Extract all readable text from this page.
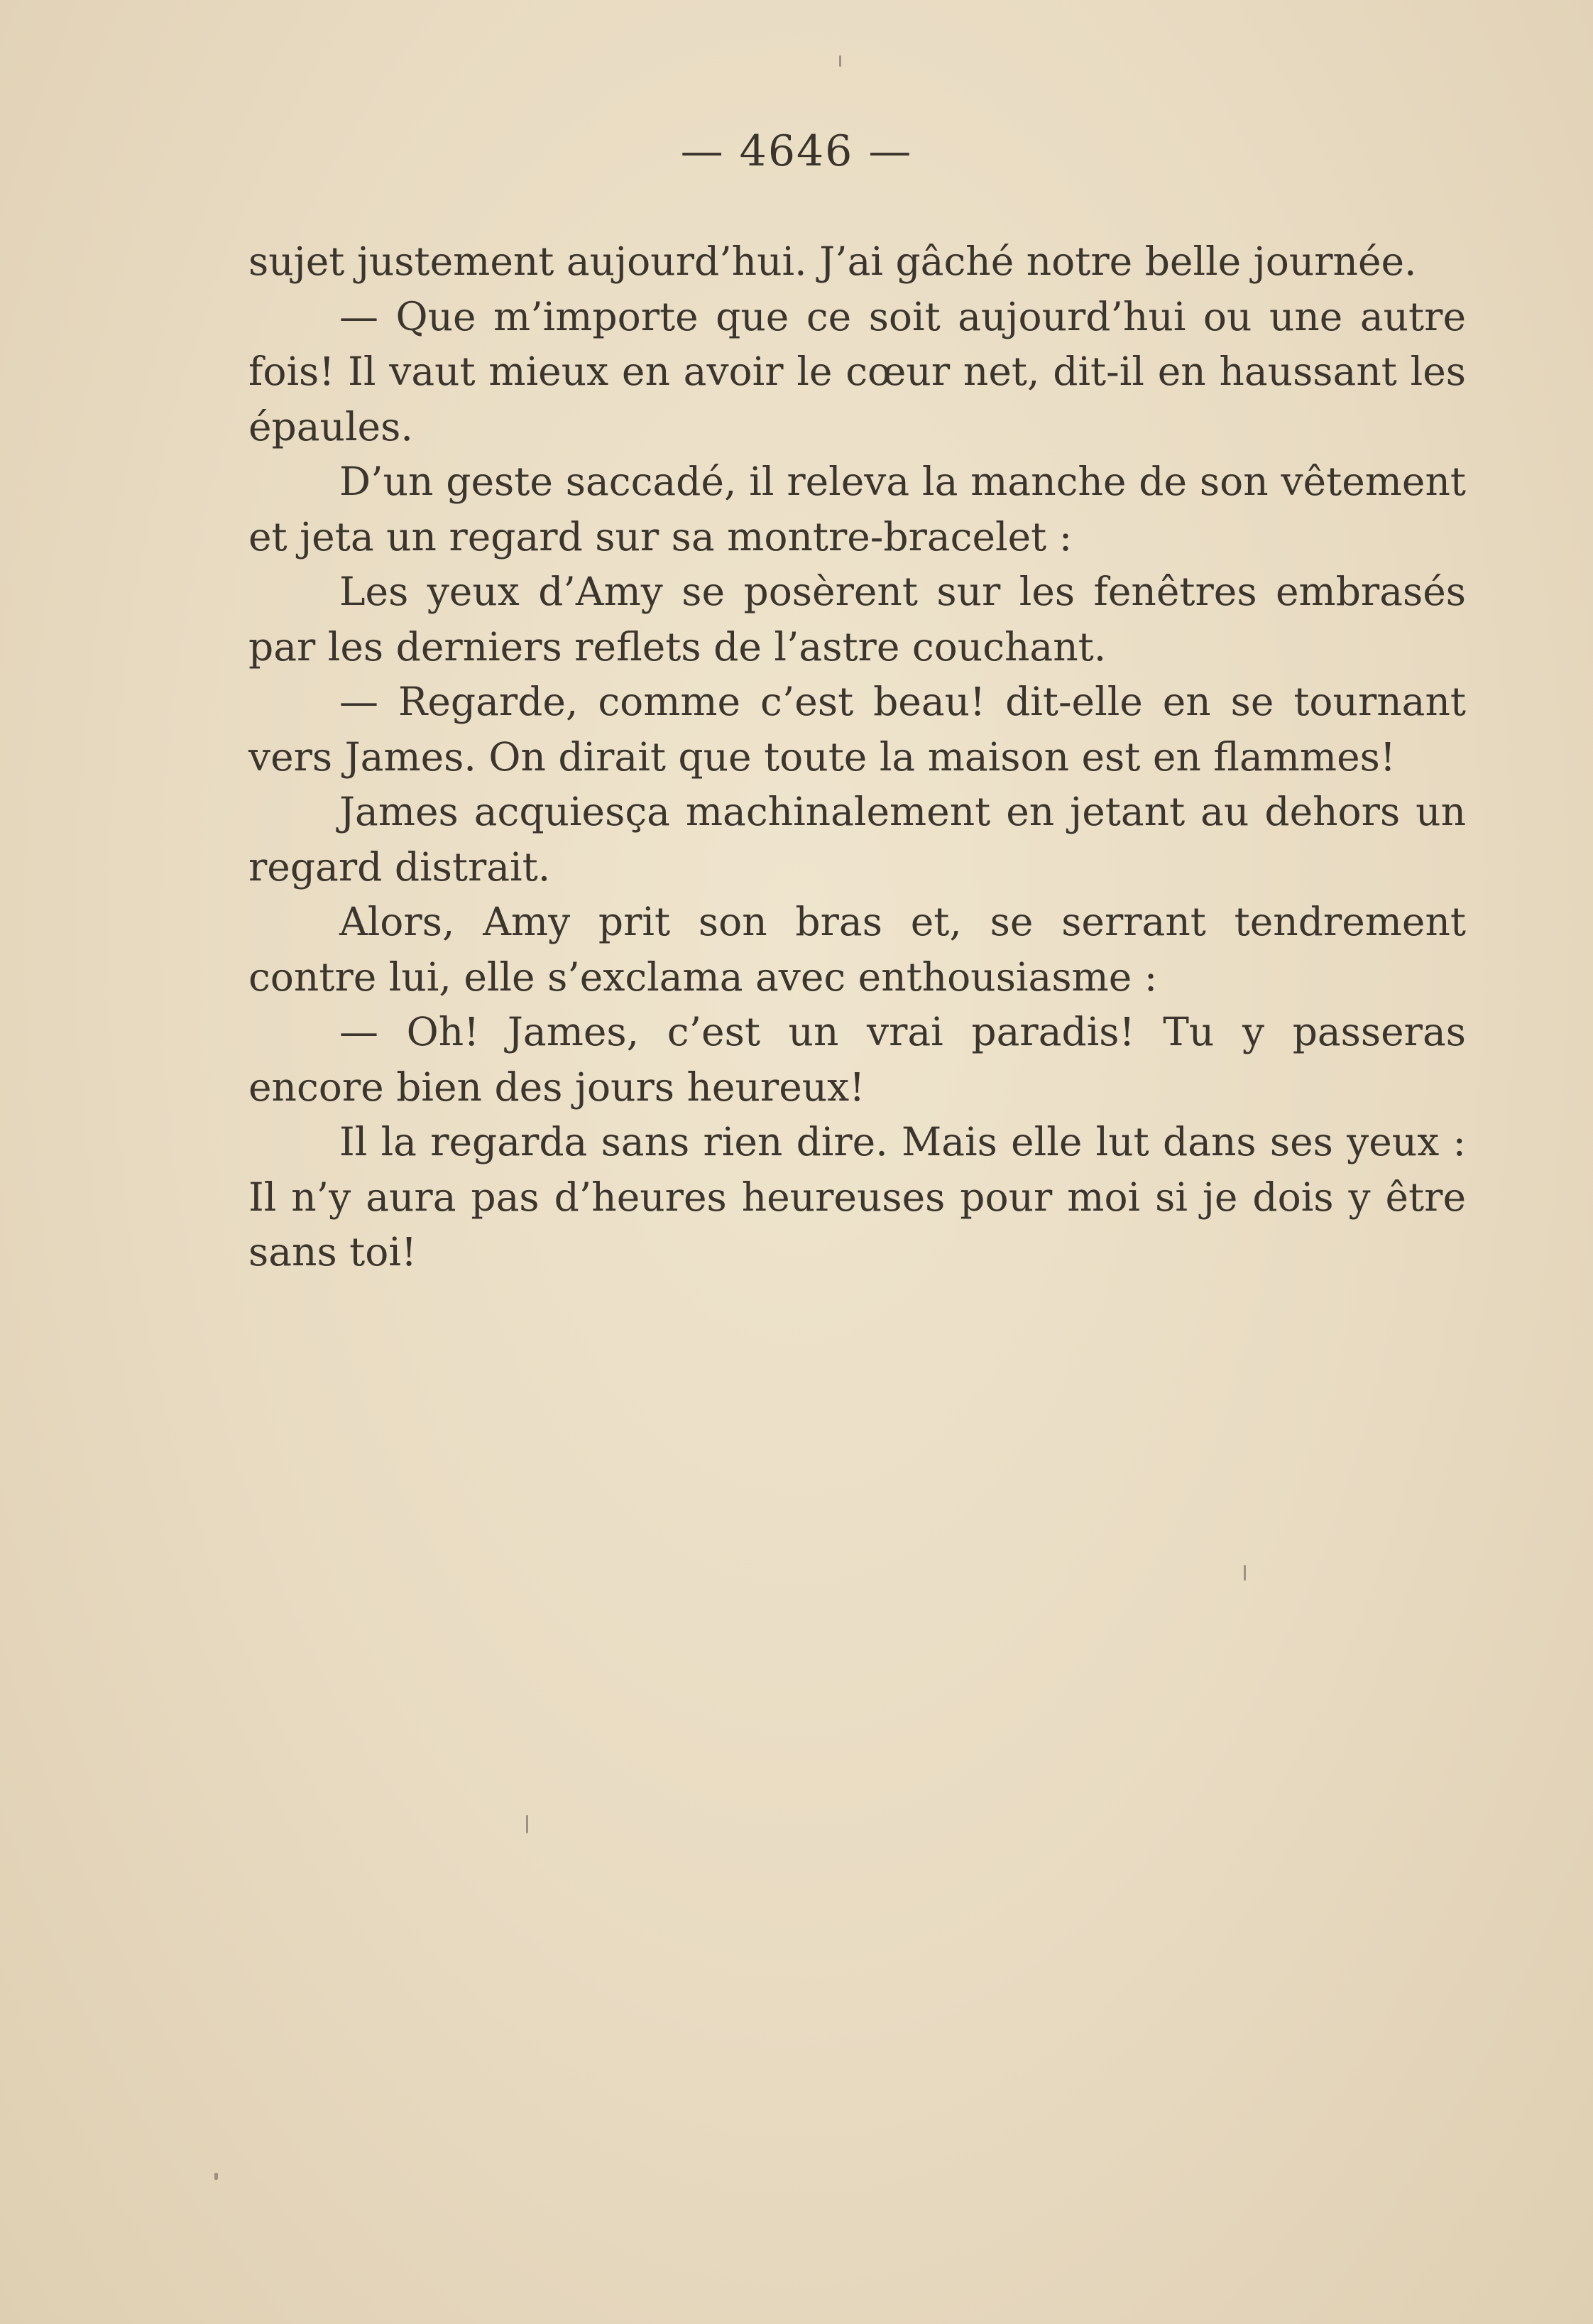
— 4646 —

sujet justement aujourd’hui. J’ai gâché notre belle journée.

— Que m’importe que ce soit aujourd’hui ou une autre fois! Il vaut mieux en avoir le cœur net, dit-il en haussant les épaules.

D’un geste saccadé, il releva la manche de son vêtement et jeta un regard sur sa montre-bracelet :

Les yeux d’Amy se posèrent sur les fenêtres embrasés par les derniers reflets de l’astre couchant.

— Regarde, comme c’est beau! dit-elle en se tournant vers James. On dirait que toute la maison est en flammes!

James acquiesça machinalement en jetant au dehors un regard distrait.

Alors, Amy prit son bras et, se serrant tendrement contre lui, elle s’exclama avec enthousiasme :

— Oh! James, c’est un vrai paradis! Tu y passeras encore bien des jours heureux!

Il la regarda sans rien dire. Mais elle lut dans ses yeux : Il n’y aura pas d’heures heureuses pour moi si je dois y être sans toi!
